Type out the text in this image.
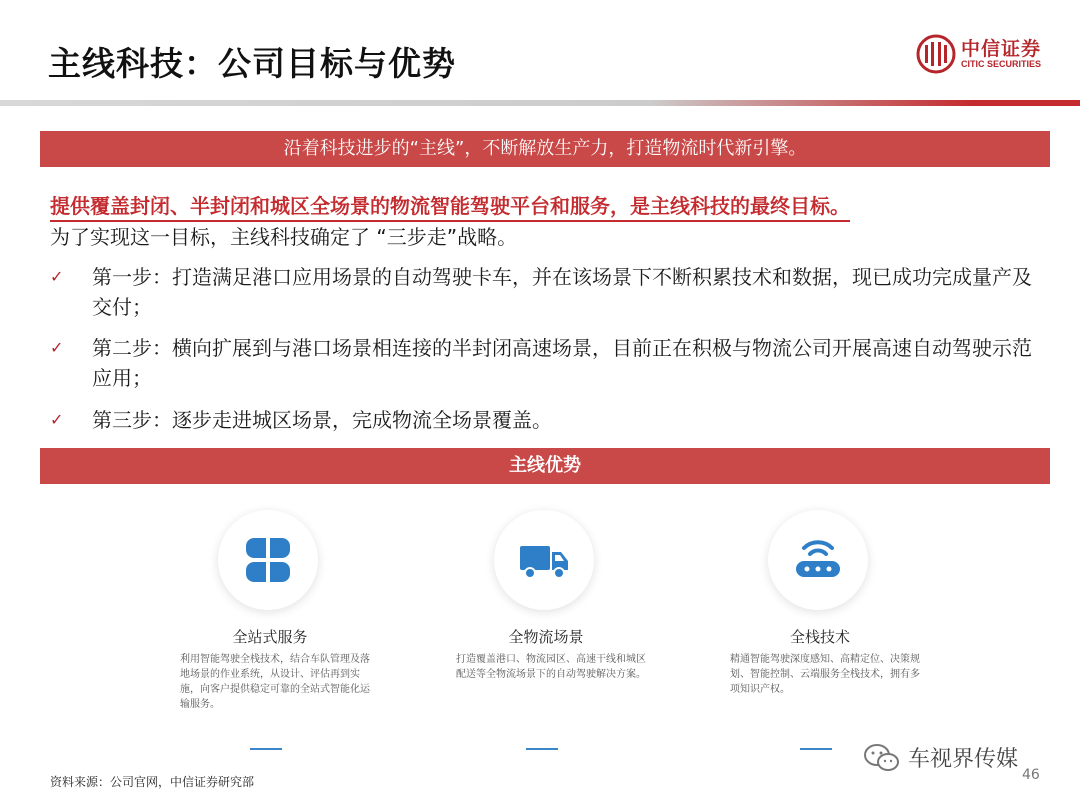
主线科技：公司目标与优势	中信证券
CITIC SECURITIES
沿着科技进步的“主线”，不断解放生产力，打造物流时代新引擎。
提供覆盖封闭、半封闭和城区全场景的物流智能驾驶平台和服务，是主线科技的最终目标。
为了实现这一目标，主线科技确定了 “三步走”战略。
✓	第一步：打造满足港口应用场景的自动驾驶卡车，并在该场景下不断积累技术和数据，现已成功完成量产及交付；
✓	第二步：横向扩展到与港口场景相连接的半封闭高速场景，目前正在积极与物流公司开展高速自动驾驶示范应用；
✓	第三步：逐步走进城区场景，完成物流全场景覆盖。
主线优势
全站式服务
利用智能驾驶全栈技术，结合车队管理及落地场景的作业系统，从设计、评估再到实施，向客户提供稳定可靠的全站式智能化运输服务。
全物流场景
打造覆盖港口、物流园区、高速干线和城区配送等全物流场景下的自动驾驶解决方案。
全栈技术
精通智能驾驶深度感知、高精定位、决策规划、智能控制、云端服务全栈技术，拥有多项知识产权。
资料来源：公司官网，中信证券研究部
车视界传媒
46
